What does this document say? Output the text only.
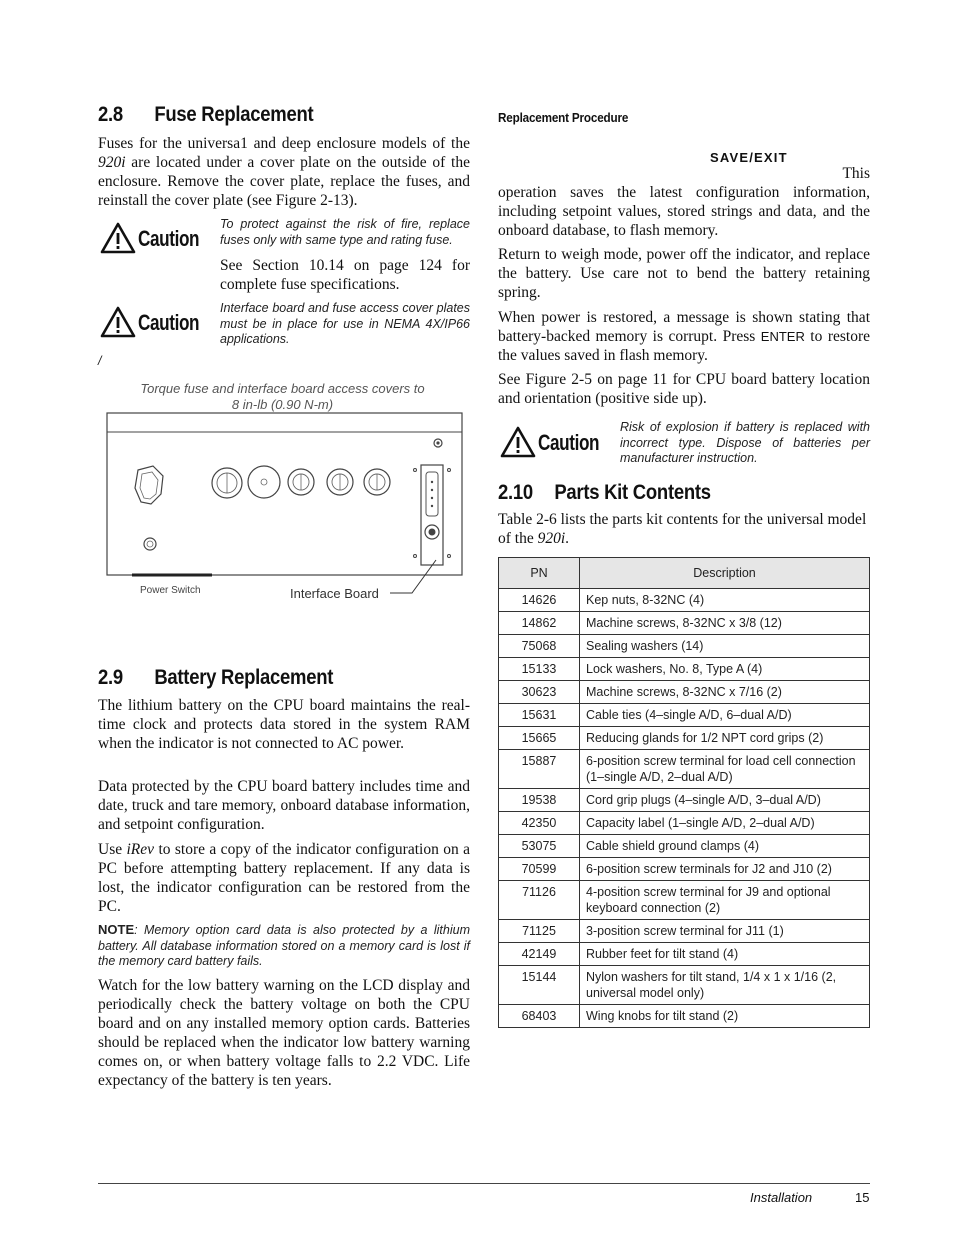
2.8 Fuse Replacement

Fuses for the universa1 and deep enclosure models of the 920i are located under a cover plate on the outside of the enclosure. Remove the cover plate, replace the fuses, and reinstall the cover plate (see Figure 2-13).

Caution
To protect against the risk of fire, replace fuses only with same type and rating fuse.

See Section 10.14 on page 124 for complete fuse specifications.

Caution
Interface board and fuse access cover plates must be in place for use in NEMA 4X/IP66 applications.
/
Torque fuse and interface board access covers to
8 in-lb (0.90 N-m)
Power Switch	Interface Board
2.9 Battery Replacement

The lithium battery on the CPU board maintains the real-time clock and protects data stored in the system RAM when the indicator is not connected to AC power.

Data protected by the CPU board battery includes time and date, truck and tare memory, onboard database information, and setpoint configuration.

Use iRev to store a copy of the indicator configuration on a PC before attempting battery replacement. If any data is lost, the indicator configuration can be restored from the PC.

NOTE: Memory option card data is also protected by a lithium battery. All database information stored on a memory card is lost if the memory card battery fails.

Watch for the low battery warning on the LCD display and periodically check the battery voltage on both the CPU board and on any installed memory option cards. Batteries should be replaced when the indicator low battery warning comes on, or when battery voltage falls to 2.2 VDC. Life expectancy of the battery is ten years.

Replacement Procedure
SAVE/EXIT
This

operation saves the latest configuration information, including setpoint values, stored strings and data, and the onboard database, to flash memory.

Return to weigh mode, power off the indicator, and replace the battery. Use care not to bend the battery retaining spring.

When power is restored, a message is shown stating that battery-backed memory is corrupt. Press ENTER to restore the values saved in flash memory.

See Figure 2-5 on page 11 for CPU board battery location and orientation (positive side up).

Caution
Risk of explosion if battery is replaced with incorrect type. Dispose of batteries per manufacturer instruction.
2.10 Parts Kit Contents

Table 2-6 lists the parts kit contents for the universal model of the 920i.

PN	Description
14626	Kep nuts, 8-32NC (4)
14862	Machine screws, 8-32NC x 3/8 (12)
75068	Sealing washers (14)
15133	Lock washers, No. 8, Type A (4)
30623	Machine screws, 8-32NC x 7/16 (2)
15631	Cable ties (4–single A/D, 6–dual A/D)
15665	Reducing glands for 1/2 NPT cord grips (2)
15887	6-position screw terminal for load cell connection (1–single A/D, 2–dual A/D)
19538	Cord grip plugs (4–single A/D, 3–dual A/D)
42350	Capacity label (1–single A/D, 2–dual A/D)
53075	Cable shield ground clamps (4)
70599	6-position screw terminals for J2 and J10 (2)
71126	4-position screw terminal for J9 and optional keyboard connection (2)
71125	3-position screw terminal for J11 (1)
42149	Rubber feet for tilt stand (4)
15144	Nylon washers for tilt stand, 1/4 x 1 x 1/16 (2, universal model only)
68403	Wing knobs for tilt stand (2)
Installation	15
